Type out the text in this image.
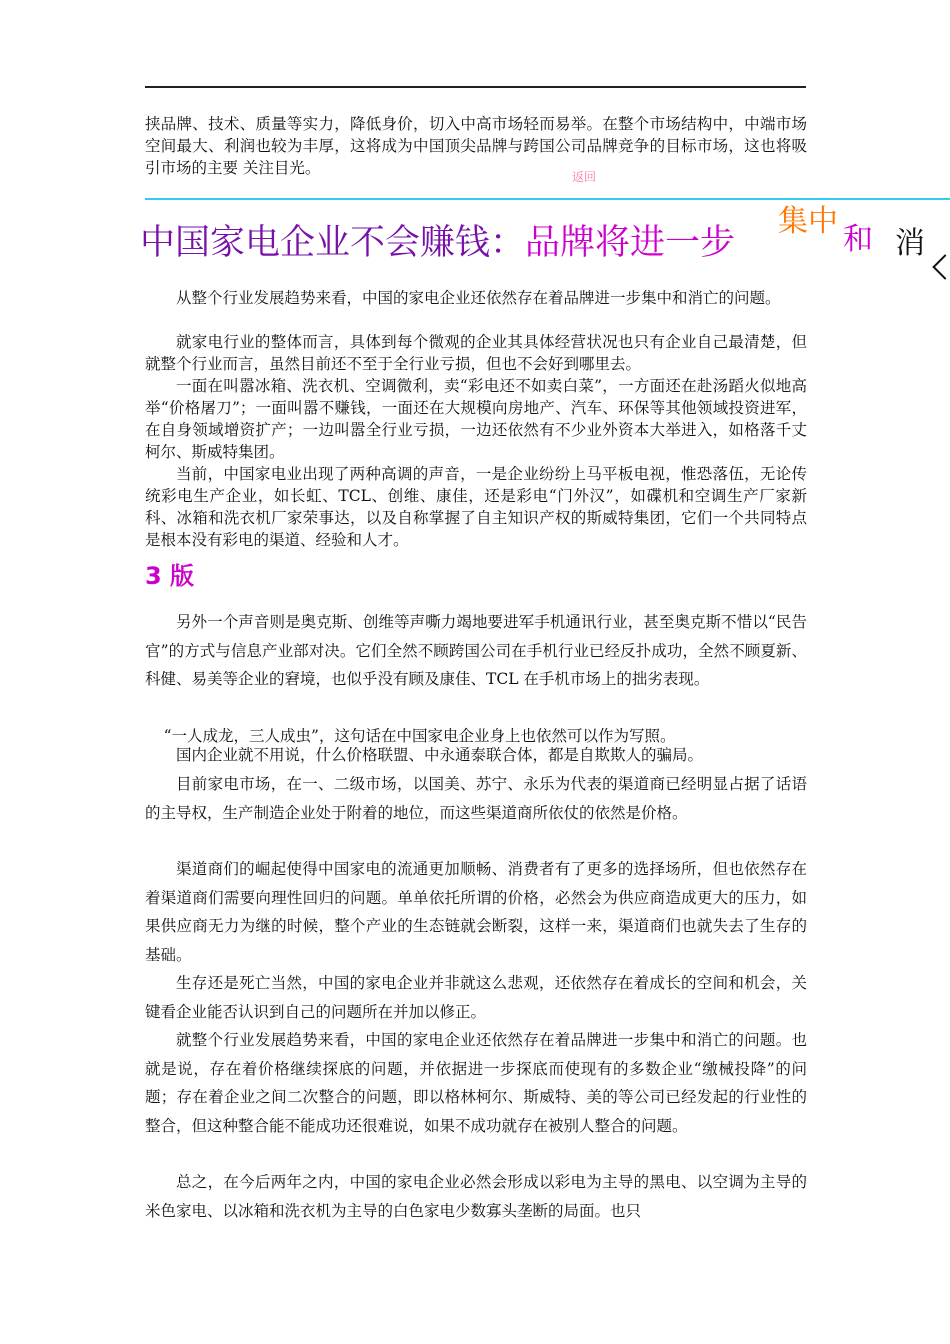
挟品牌、技术、质量等实力，降低身价，切入中高市场轻而易举。在整个市场结构中，中端市场空间最大、利润也较为丰厚，这将成为中国顶尖品牌与跨国公司品牌竞争的目标市场，这也将吸引市场的主要 关注目光。	返回
中国家电企业不会赚钱：品牌将进一步
集中
和 消

从整个行业发展趋势来看，中国的家电企业还依然存在着品牌进一步集中和消亡的问题。

就家电行业的整体而言，具体到每个微观的企业其具体经营状况也只有企业自己最清楚，但就整个行业而言，虽然目前还不至于全行业亏损，但也不会好到哪里去。

一面在叫嚣冰箱、洗衣机、空调微利，卖“彩电还不如卖白菜”，一方面还在赴汤蹈火似地高举“价格屠刀”；一面叫嚣不赚钱，一面还在大规模向房地产、汽车、环保等其他领域投资进军，在自身领域增资扩产；一边叫嚣全行业亏损，一边还依然有不少业外资本大举进入，如格落千丈柯尔、斯威特集团。

当前，中国家电业出现了两种高调的声音，一是企业纷纷上马平板电视，惟恐落伍，无论传统彩电生产企业，如长虹、TCL、创维、康佳，还是彩电“门外汉”，如碟机和空调生产厂家新科、冰箱和洗衣机厂家荣事达，以及自称掌握了自主知识产权的斯威特集团，它们一个共同特点是根本没有彩电的渠道、经验和人才。

3 版

另外一个声音则是奥克斯、创维等声嘶力竭地要进军手机通讯行业，甚至奥克斯不惜以“民告官”的方式与信息产业部对决。它们全然不顾跨国公司在手机行业已经反扑成功，全然不顾夏新、科健、易美等企业的窘境，也似乎没有顾及康佳、TCL 在手机市场上的拙劣表现。

“一人成龙，三人成虫”，这句话在中国家电企业身上也依然可以作为写照。

国内企业就不用说，什么价格联盟、中永通泰联合体，都是自欺欺人的骗局。

目前家电市场，在一、二级市场，以国美、苏宁、永乐为代表的渠道商已经明显占据了话语的主导权，生产制造企业处于附着的地位，而这些渠道商所依仗的依然是价格。

渠道商们的崛起使得中国家电的流通更加顺畅、消费者有了更多的选择场所，但也依然存在着渠道商们需要向理性回归的问题。单单依托所谓的价格，必然会为供应商造成更大的压力，如果供应商无力为继的时候，整个产业的生态链就会断裂，这样一来，渠道商们也就失去了生存的基础。

生存还是死亡当然，中国的家电企业并非就这么悲观，还依然存在着成长的空间和机会，关键看企业能否认识到自己的问题所在并加以修正。

就整个行业发展趋势来看，中国的家电企业还依然存在着品牌进一步集中和消亡的问题。也就是说，存在着价格继续探底的问题，并依据进一步探底而使现有的多数企业“缴械投降”的问题；存在着企业之间二次整合的问题，即以格林柯尔、斯威特、美的等公司已经发起的行业性的整合，但这种整合能不能成功还很难说，如果不成功就存在被别人整合的问题。

总之，在今后两年之内，中国的家电企业必然会形成以彩电为主导的黑电、以空调为主导的米色家电、以冰箱和洗衣机为主导的白色家电少数寡头垄断的局面。也只
